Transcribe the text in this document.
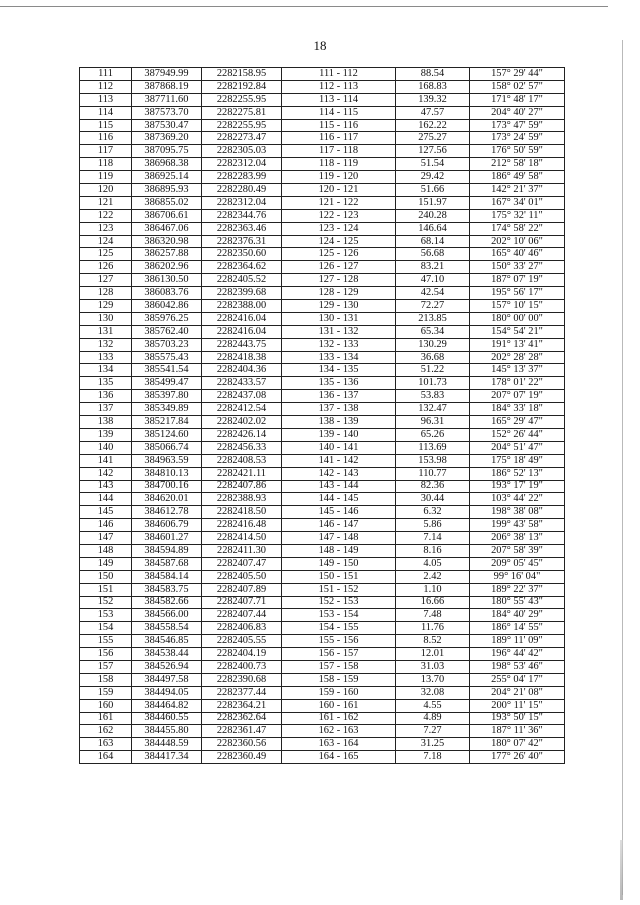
18
111	387949.99	2282158.95	111 - 112	88.54	157° 29' 44"
112	387868.19	2282192.84	112 - 113	168.83	158° 02' 57"
113	387711.60	2282255.95	113 - 114	139.32	171° 48' 17"
114	387573.70	2282275.81	114 - 115	47.57	204° 40' 27"
115	387530.47	2282255.95	115 - 116	162.22	173° 47' 59"
116	387369.20	2282273.47	116 - 117	275.27	173° 24' 59"
117	387095.75	2282305.03	117 - 118	127.56	176° 50' 59"
118	386968.38	2282312.04	118 - 119	51.54	212° 58' 18"
119	386925.14	2282283.99	119 - 120	29.42	186° 49' 58"
120	386895.93	2282280.49	120 - 121	51.66	142° 21' 37"
121	386855.02	2282312.04	121 - 122	151.97	167° 34' 01"
122	386706.61	2282344.76	122 - 123	240.28	175° 32' 11"
123	386467.06	2282363.46	123 - 124	146.64	174° 58' 22"
124	386320.98	2282376.31	124 - 125	68.14	202° 10' 06"
125	386257.88	2282350.60	125 - 126	56.68	165° 40' 46"
126	386202.96	2282364.62	126 - 127	83.21	150° 33' 27"
127	386130.50	2282405.52	127 - 128	47.10	187° 07' 19"
128	386083.76	2282399.68	128 - 129	42.54	195° 56' 17"
129	386042.86	2282388.00	129 - 130	72.27	157° 10' 15"
130	385976.25	2282416.04	130 - 131	213.85	180° 00' 00"
131	385762.40	2282416.04	131 - 132	65.34	154° 54' 21"
132	385703.23	2282443.75	132 - 133	130.29	191° 13' 41"
133	385575.43	2282418.38	133 - 134	36.68	202° 28' 28"
134	385541.54	2282404.36	134 - 135	51.22	145° 13' 37"
135	385499.47	2282433.57	135 - 136	101.73	178° 01' 22"
136	385397.80	2282437.08	136 - 137	53.83	207° 07' 19"
137	385349.89	2282412.54	137 - 138	132.47	184° 33' 18"
138	385217.84	2282402.02	138 - 139	96.31	165° 29' 47"
139	385124.60	2282426.14	139 - 140	65.26	152° 26' 44"
140	385066.74	2282456.33	140 - 141	113.69	204° 51' 47"
141	384963.59	2282408.53	141 - 142	153.98	175° 18' 49"
142	384810.13	2282421.11	142 - 143	110.77	186° 52' 13"
143	384700.16	2282407.86	143 - 144	82.36	193° 17' 19"
144	384620.01	2282388.93	144 - 145	30.44	103° 44' 22"
145	384612.78	2282418.50	145 - 146	6.32	198° 38' 08"
146	384606.79	2282416.48	146 - 147	5.86	199° 43' 58"
147	384601.27	2282414.50	147 - 148	7.14	206° 38' 13"
148	384594.89	2282411.30	148 - 149	8.16	207° 58' 39"
149	384587.68	2282407.47	149 - 150	4.05	209° 05' 45"
150	384584.14	2282405.50	150 - 151	2.42	99° 16' 04"
151	384583.75	2282407.89	151 - 152	1.10	189° 22' 37"
152	384582.66	2282407.71	152 - 153	16.66	180° 55' 43"
153	384566.00	2282407.44	153 - 154	7.48	184° 40' 29"
154	384558.54	2282406.83	154 - 155	11.76	186° 14' 55"
155	384546.85	2282405.55	155 - 156	8.52	189° 11' 09"
156	384538.44	2282404.19	156 - 157	12.01	196° 44' 42"
157	384526.94	2282400.73	157 - 158	31.03	198° 53' 46"
158	384497.58	2282390.68	158 - 159	13.70	255° 04' 17"
159	384494.05	2282377.44	159 - 160	32.08	204° 21' 08"
160	384464.82	2282364.21	160 - 161	4.55	200° 11' 15"
161	384460.55	2282362.64	161 - 162	4.89	193° 50' 15"
162	384455.80	2282361.47	162 - 163	7.27	187° 11' 36"
163	384448.59	2282360.56	163 - 164	31.25	180° 07' 42"
164	384417.34	2282360.49	164 - 165	7.18	177° 26' 40"
